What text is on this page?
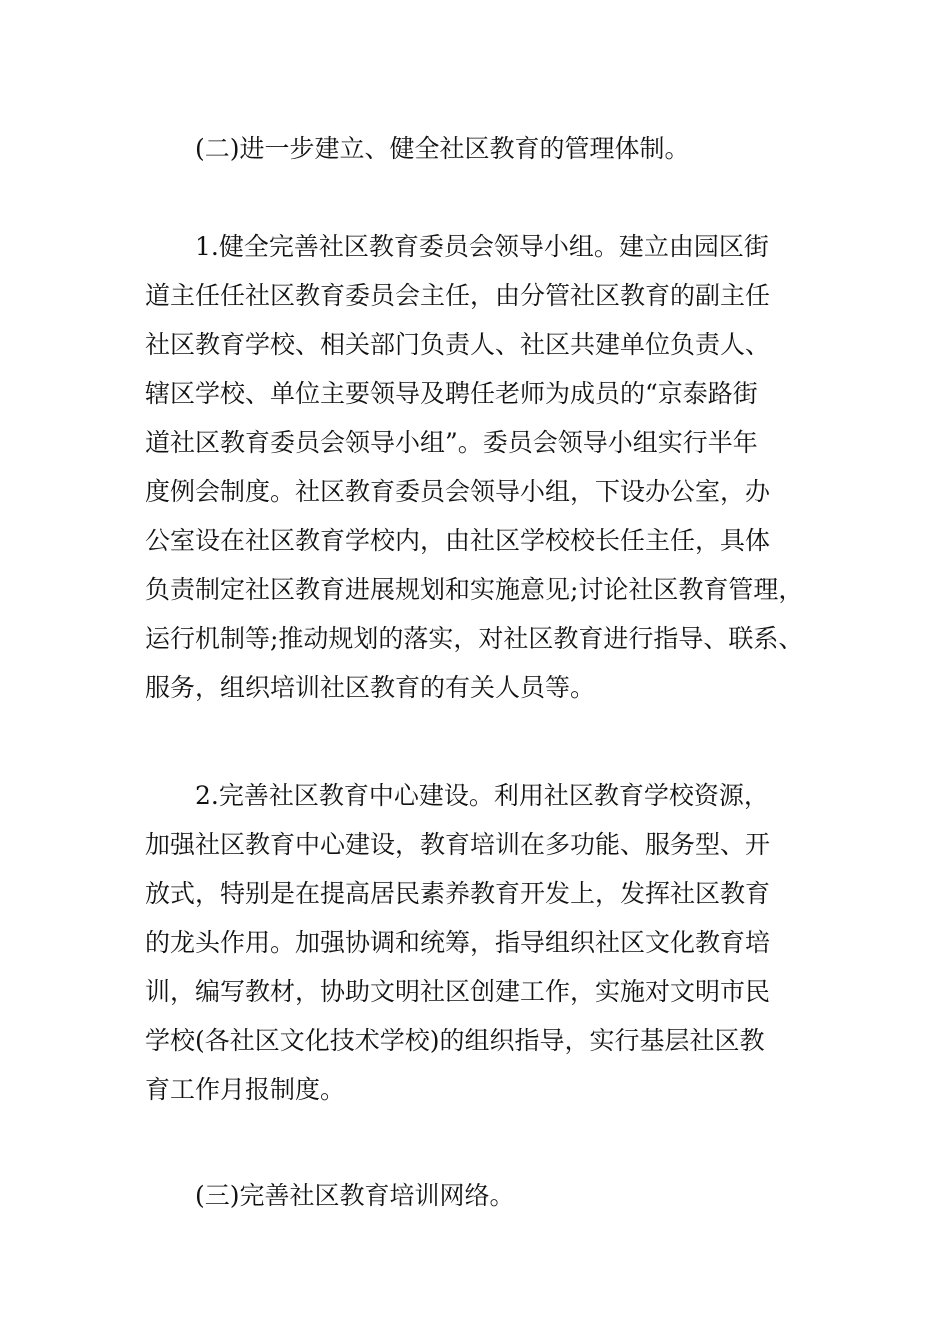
(二)进一步建立、健全社区教育的管理体制。
1.健全完善社区教育委员会领导小组。建立由园区街
道主任任社区教育委员会主任，由分管社区教育的副主任
社区教育学校、相关部门负责人、社区共建单位负责人、
辖区学校、单位主要领导及聘任老师为成员的“京泰路街
道社区教育委员会领导小组”。委员会领导小组实行半年
度例会制度。社区教育委员会领导小组，下设办公室，办
公室设在社区教育学校内，由社区学校校长任主任，具体
负责制定社区教育进展规划和实施意见;讨论社区教育管理，
运行机制等;推动规划的落实，对社区教育进行指导、联系、
服务，组织培训社区教育的有关人员等。
2.完善社区教育中心建设。利用社区教育学校资源，
加强社区教育中心建设，教育培训在多功能、服务型、开
放式，特别是在提高居民素养教育开发上，发挥社区教育
的龙头作用。加强协调和统筹，指导组织社区文化教育培
训，编写教材，协助文明社区创建工作，实施对文明市民
学校(各社区文化技术学校)的组织指导，实行基层社区教
育工作月报制度。
(三)完善社区教育培训网络。
